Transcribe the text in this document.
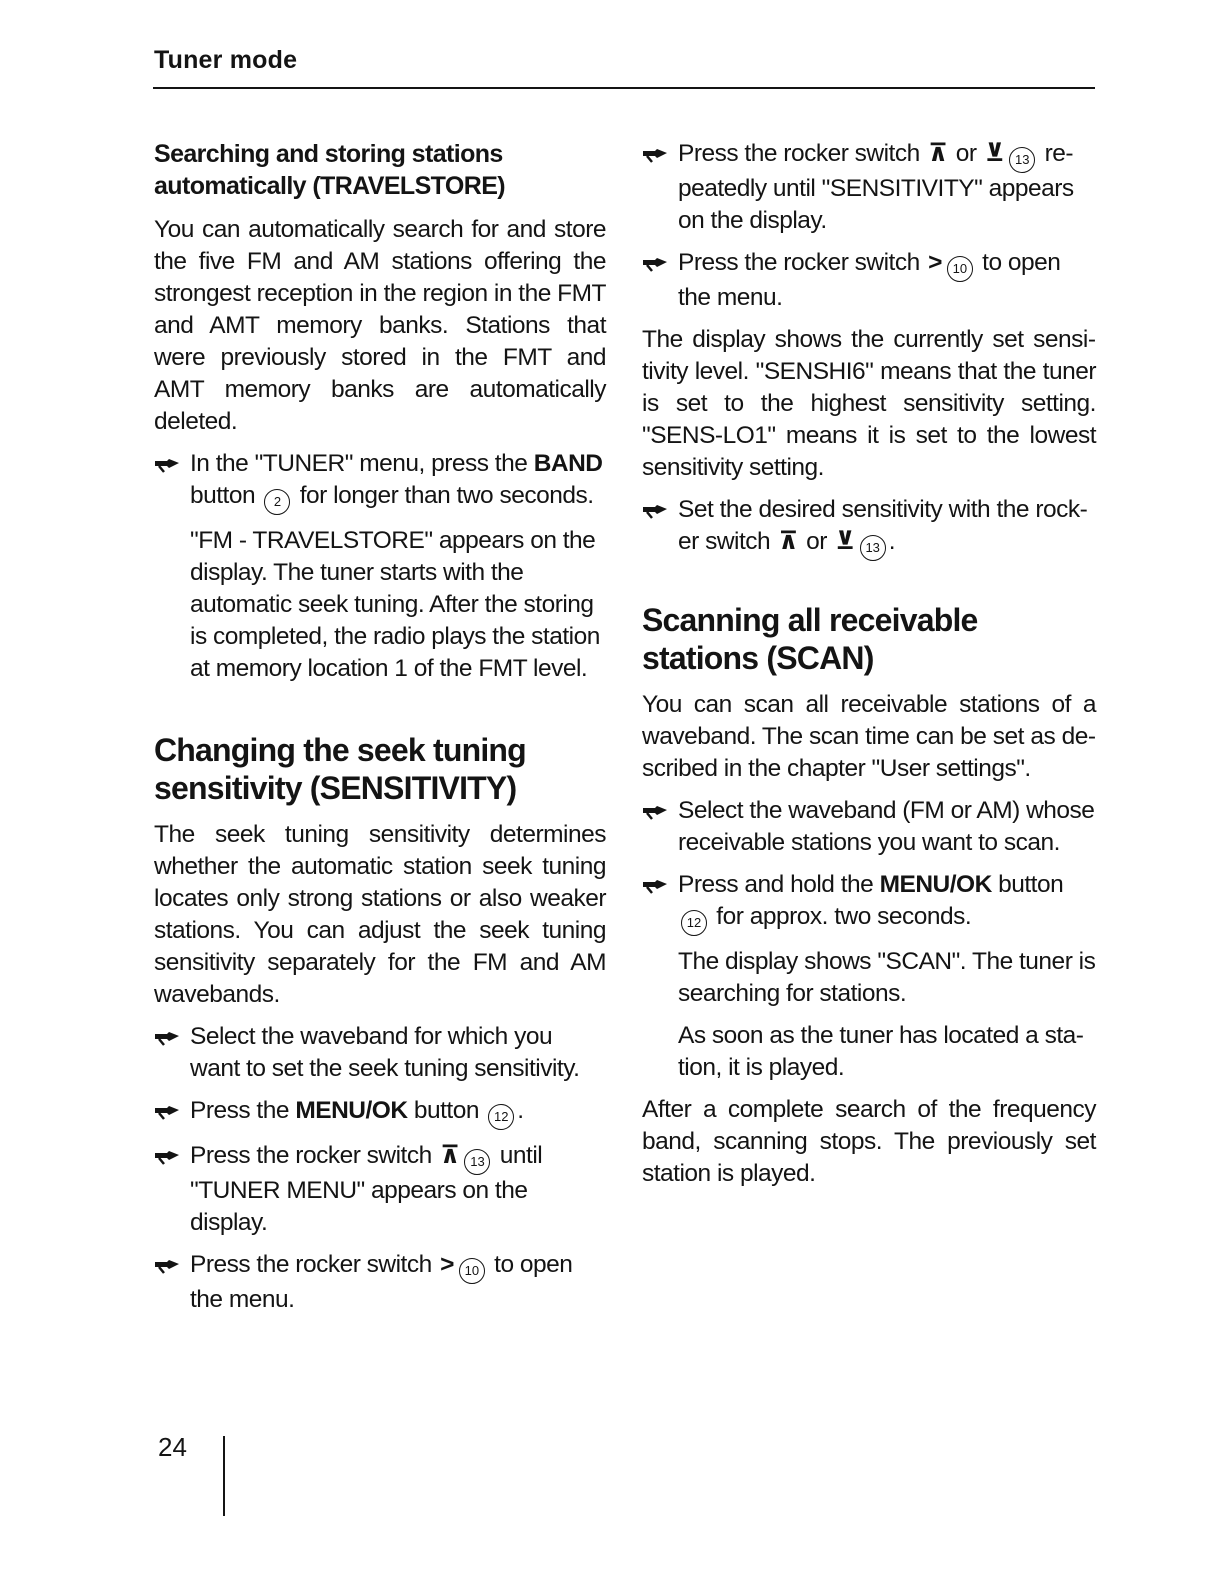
Tuner mode
Searching and storing stations automatically (TRAVELSTORE)

You can automatically search for and store the five FM and AM stations offering the strongest reception in the region in the FMT and AMT memory banks. Stations that were previously stored in the FMT and AMT memory banks are automatically deleted.

In the "TUNER" menu, press the BAND button 2 for longer than two seconds.

"FM - TRAVELSTORE" appears on the display. The tuner starts with the automatic seek tuning. After the storing is completed, the radio plays the station at memory location 1 of the FMT level.

Changing the seek tuning sensitivity (SENSITIVITY)

The seek tuning sensitivity determines whether the automatic station seek tuning locates only strong stations or also weaker stations. You can adjust the seek tuning sensitivity separately for the FM and AM wavebands.

Select the waveband for which you want to set the seek tuning sensitivity.

Press the MENU/OK button 12 .

Press the rocker switch ⊼ 13 until "TUNER MENU" appears on the display.

Press the rocker switch > 10 to open the menu.

Press the rocker switch ⊼ or ⊻ 13 repeatedly until "SENSITIVITY" appears on the display.

Press the rocker switch > 10 to open the menu.

The display shows the currently set sensitivity level. "SENSHI6" means that the tuner is set to the highest sensitivity setting. "SENS-LO1" means it is set to the lowest sensitivity setting.

Set the desired sensitivity with the rocker switch ⊼ or ⊻ 13 .

Scanning all receivable stations (SCAN)

You can scan all receivable stations of a waveband. The scan time can be set as described in the chapter "User settings".

Select the waveband (FM or AM) whose receivable stations you want to scan.

Press and hold the MENU/OK button 12 for approx. two seconds.

The display shows "SCAN". The tuner is searching for stations.

As soon as the tuner has located a station, it is played.

After a complete search of the frequency band, scanning stops. The previously set station is played.

24
